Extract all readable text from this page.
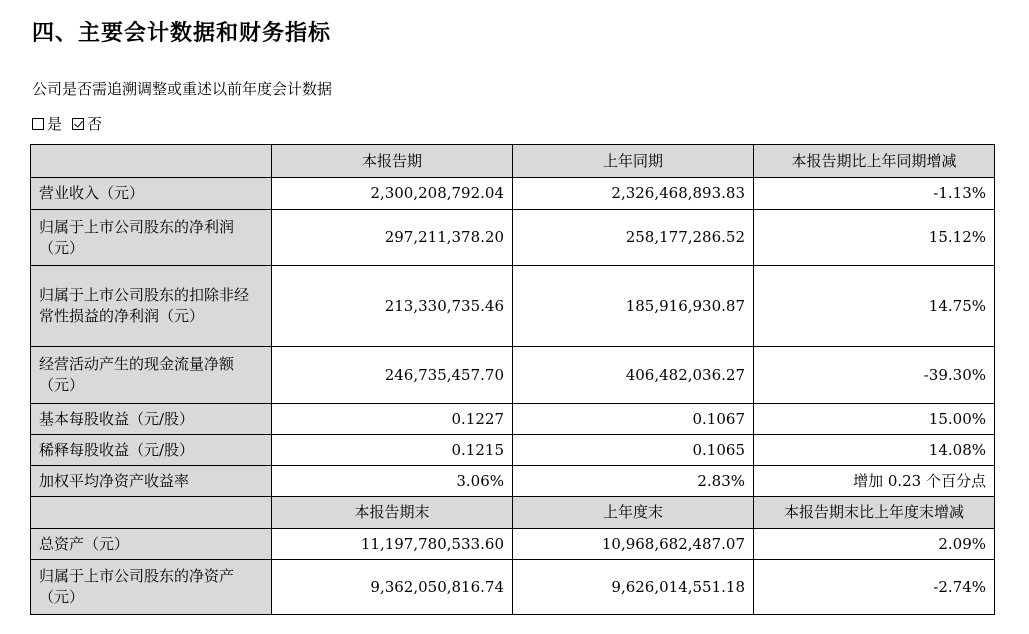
四、主要会计数据和财务指标
公司是否需追溯调整或重述以前年度会计数据
是 否
	本报告期	上年同期	本报告期比上年同期增减
营业收入（元）	2,300,208,792.04	2,326,468,893.83	-1.13%
归属于上市公司股东的净利润（元）	297,211,378.20	258,177,286.52	15.12%
归属于上市公司股东的扣除非经常性损益的净利润（元）	213,330,735.46	185,916,930.87	14.75%
经营活动产生的现金流量净额（元）	246,735,457.70	406,482,036.27	-39.30%
基本每股收益（元/股）	0.1227	0.1067	15.00%
稀释每股收益（元/股）	0.1215	0.1065	14.08%
加权平均净资产收益率	3.06%	2.83%	增加 0.23 个百分点
	本报告期末	上年度末	本报告期末比上年度末增减
总资产（元）	11,197,780,533.60	10,968,682,487.07	2.09%
归属于上市公司股东的净资产（元）	9,362,050,816.74	9,626,014,551.18	-2.74%
